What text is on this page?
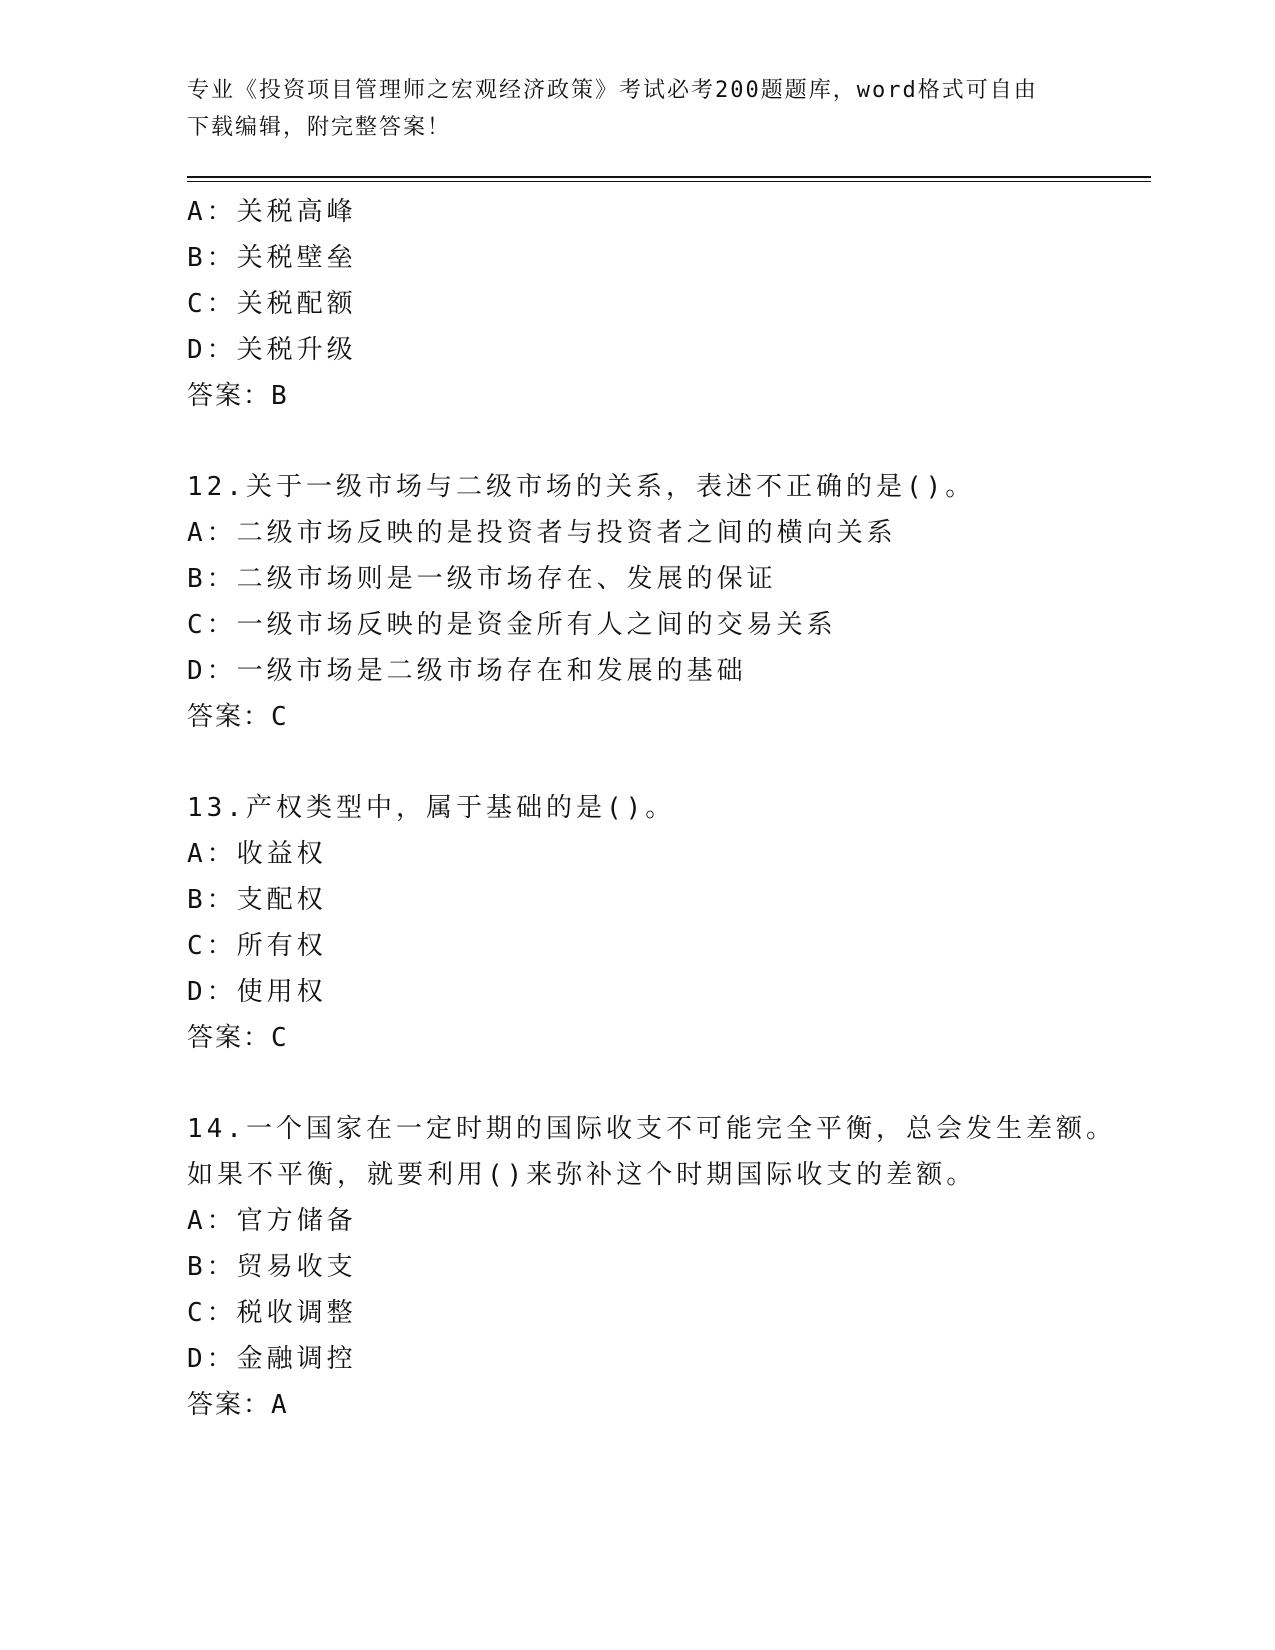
专业《投资项目管理师之宏观经济政策》考试必考200题题库，word格式可自由
下载编辑，附完整答案！
A：关税高峰
B：关税壁垒
C：关税配额
D：关税升级
答案：B
12.关于一级市场与二级市场的关系，表述不正确的是()。
A：二级市场反映的是投资者与投资者之间的横向关系
B：二级市场则是一级市场存在、发展的保证
C：一级市场反映的是资金所有人之间的交易关系
D：一级市场是二级市场存在和发展的基础
答案：C
13.产权类型中，属于基础的是()。
A：收益权
B：支配权
C：所有权
D：使用权
答案：C
14.一个国家在一定时期的国际收支不可能完全平衡，总会发生差额。
如果不平衡，就要利用()来弥补这个时期国际收支的差额。
A：官方储备
B：贸易收支
C：税收调整
D：金融调控
答案：A
